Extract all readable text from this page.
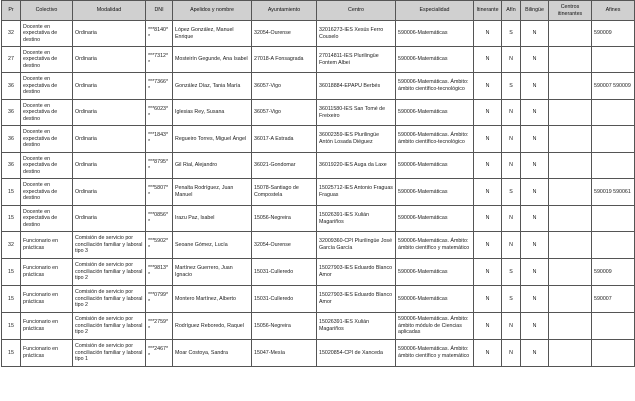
Pr	Colectivo	Modalidad	DNI	Apelidos y nombre	Ayuntamiento	Centro	Especialidad	Itinerante	Afín	Bilingüe	Centros itinerantes	Afines
32	Docente en expectativa de destino	Ordinaria	***8140**	López González, Manuel Enrique	32054-Ourense	32016273-IES Xesús Ferro Couselo	590006-Matemáticas	N	S	N		590009
27	Docente en expectativa de destino	Ordinaria	***7312**	Mosteirín Gegunde, Ana Isabel	27018-A Fonsagrada	27014811-IES Plurilingüe Fontem Albei	590006-Matemáticas	N	N	N		
36	Docente en expectativa de destino	Ordinaria	***7366**	González Díaz, Tania María	36057-Vigo	36018884-EPAPU Berbés	590006-Matemáticas. Ámbito: ámbito científico-tecnológico	N	S	N		590007 590009
36	Docente en expectativa de destino	Ordinaria	***6023**	Iglesias Rey, Susana	36057-Vigo	36011580-IES San Tomé de Freixeiro	590006-Matemáticas	N	N	N		
36	Docente en expectativa de destino	Ordinaria	***1843**	Regueiro Torres, Miguel Ángel	36017-A Estrada	36002359-IES Plurilingüe Antón Losada Diéguez	590006-Matemáticas. Ámbito: ámbito científico-tecnológico	N	N	N		
36	Docente en expectativa de destino	Ordinaria	***8795**	Gil Rial, Alejandro	36021-Gondomar	36019220-IES Auga da Laxe	590006-Matemáticas	N	N	N		
15	Docente en expectativa de destino	Ordinaria	***5807**	Penalta Rodríguez, Juan Manuel	15078-Santiago de Compostela	15025712-IES Antonio Fraguas Fraguas	590006-Matemáticas	N	S	N		590019 590061
15	Docente en expectativa de destino	Ordinaria	***0856**	Irazu Paz, Isabel	15056-Negreira	15026391-IES Xulián Magariños	590006-Matemáticas	N	N	N		
32	Funcionario en prácticas	Comisión de servicio por conciliación familiar y laboral tipo 3	***5902**	Seoane Gómez, Lucía	32054-Ourense	32009360-CPI Plurilingüe José García García	590006-Matemáticas. Ámbito: ámbito científico y matemático	N	N	N		
15	Funcionario en prácticas	Comisión de servicio por conciliación familiar y laboral tipo 2	***9813**	Martínez Guerrero, Juan Ignacio	15031-Culleredo	15027903-IES Eduardo Blanco Amor	590006-Matemáticas	N	S	N		590009
15	Funcionario en prácticas	Comisión de servicio por conciliación familiar y laboral tipo 2	***0799**	Montero Martínez, Alberto	15031-Culleredo	15027903-IES Eduardo Blanco Amor	590006-Matemáticas	N	S	N		590007
15	Funcionario en prácticas	Comisión de servicio por conciliación familiar y laboral tipo 2	***2759**	Rodríguez Reboredo, Raquel	15056-Negreira	15026391-IES Xulián Magariños	590006-Matemáticas. Ámbito: ámbito módulo de Ciencias aplicadas	N	N	N		
15	Funcionario en prácticas	Comisión de servicio por conciliación familiar y laboral tipo 1	***2467**	Moar Costoya, Sandra	15047-Mesía	15020854-CPI de Xanceda	590006-Matemáticas. Ámbito: ámbito científico y matemático	N	N	N		
